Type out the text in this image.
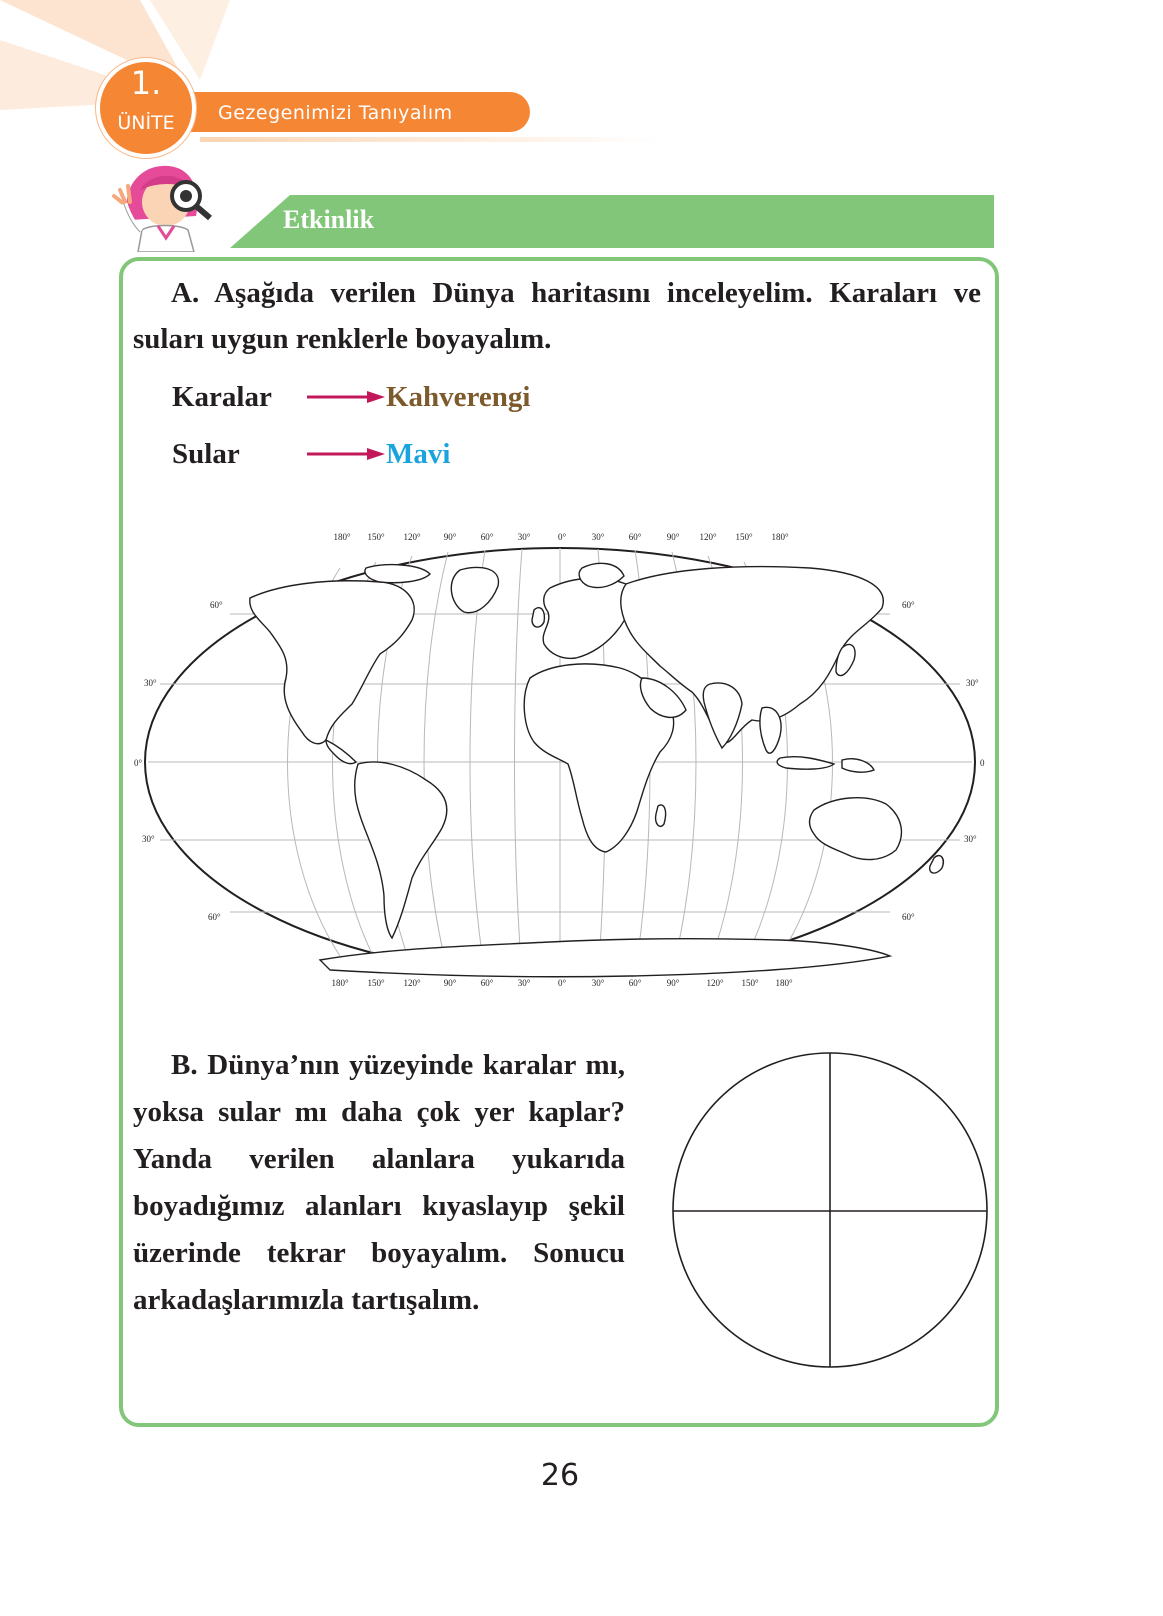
Gezegenimizi Tanıyalım
1.
ÜNİTE
Etkinlik
A. Aşağıda verilen Dünya haritasını inceleyelim. Karaları ve suları uygun renklerle boyayalım.
Karalar	Kahverengi
Sular	Mavi
180° 150° 120°	90°	60°	30°	0°	30°	60°	90° 120° 150° 180°
180° 150° 120°	90°	60°	30°	0°	30°	60°	90°	120° 150° 180°
60°
30°
0°
30°
60°
60°
30°
0
30°
60°
B. Dünya’nın yüzeyinde karalar mı, yoksa sular mı daha çok yer kaplar? Yanda verilen alanlara yukarıda boyadığımız alanları kıyaslayıp şekil üzerinde tekrar boyayalım. Sonucu arkadaşlarımızla tartışalım.
26
